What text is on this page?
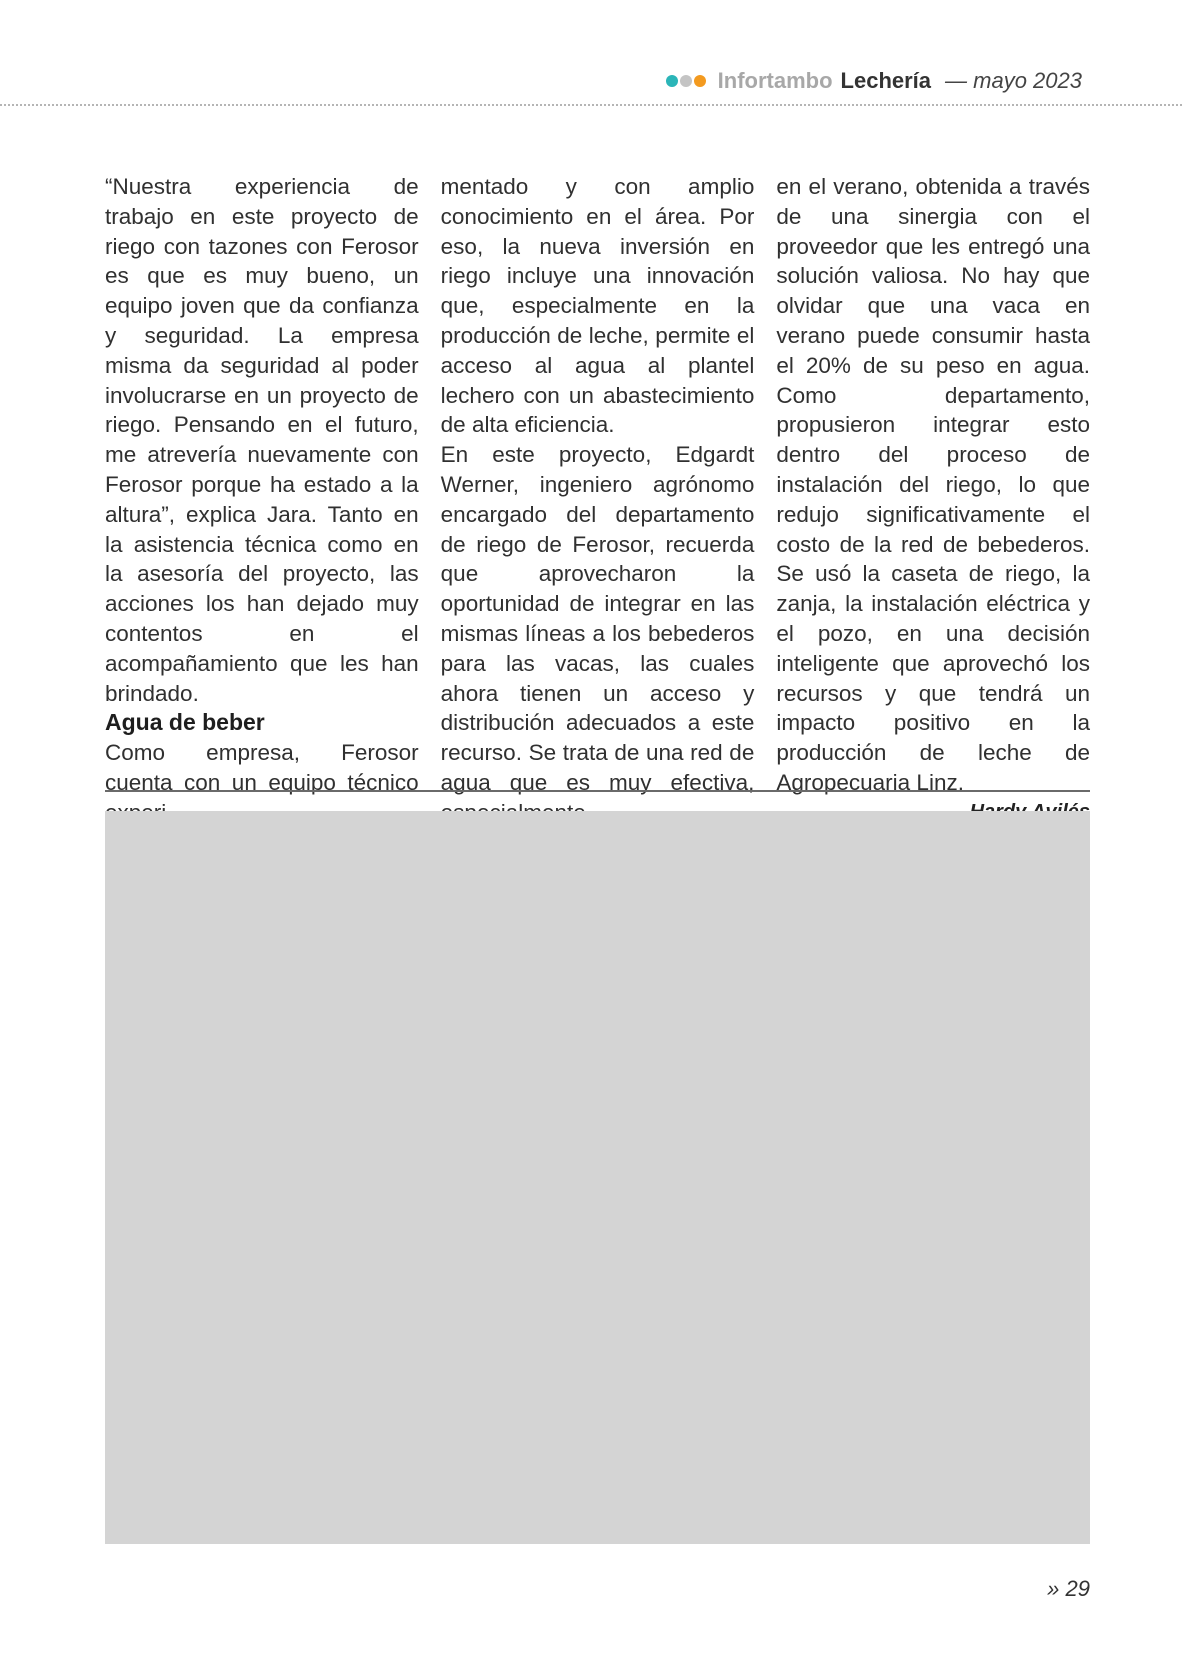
Infortambo Lechería — mayo 2023

“Nuestra experiencia de trabajo en este proyecto de riego con tazones con Ferosor es que es muy bueno, un equipo joven que da confianza y seguridad. La empresa misma da seguridad al poder involucrarse en un proyecto de riego. Pensando en el futuro, me atrevería nuevamente con Ferosor porque ha estado a la altura”, explica Jara. Tanto en la asistencia técnica como en la asesoría del proyecto, las acciones los han dejado muy contentos en el acompañamiento que les han brindado.

Agua de beber

Como empresa, Ferosor cuenta con un equipo técnico

mentado y con amplio conocimiento en el área. Por eso, la nueva inversión en riego incluye una innovación que, especialmente en la producción de leche, permite el acceso al agua al plantel lechero con un abastecimiento de alta eficiencia.

En este proyecto, Edgardt Werner, ingeniero agrónomo encargado del departamento de riego de Ferosor, recuerda que aprovecharon la oportunidad de integrar en las mismas líneas a los bebederos para las vacas, las cuales ahora tienen un acceso y distribución adecuados a este recurso. Se trata de una red de agua que es muy efectiva,

en el verano, obtenida a través de una sinergia con el proveedor que les entregó una solución valiosa. No hay que olvidar que una vaca en verano puede consumir hasta el 20% de su peso en agua. Como departamento, propusieron integrar esto dentro del proceso de instalación del riego, lo que redujo significativamente el costo de la red de bebederos. Se usó la caseta de riego, la zanja, la instalación eléctrica y el pozo, en una decisión inteligente que aprovechó los recursos y que tendrá un impacto positivo en la producción de leche de Agropecuaria Linz.

» 29
